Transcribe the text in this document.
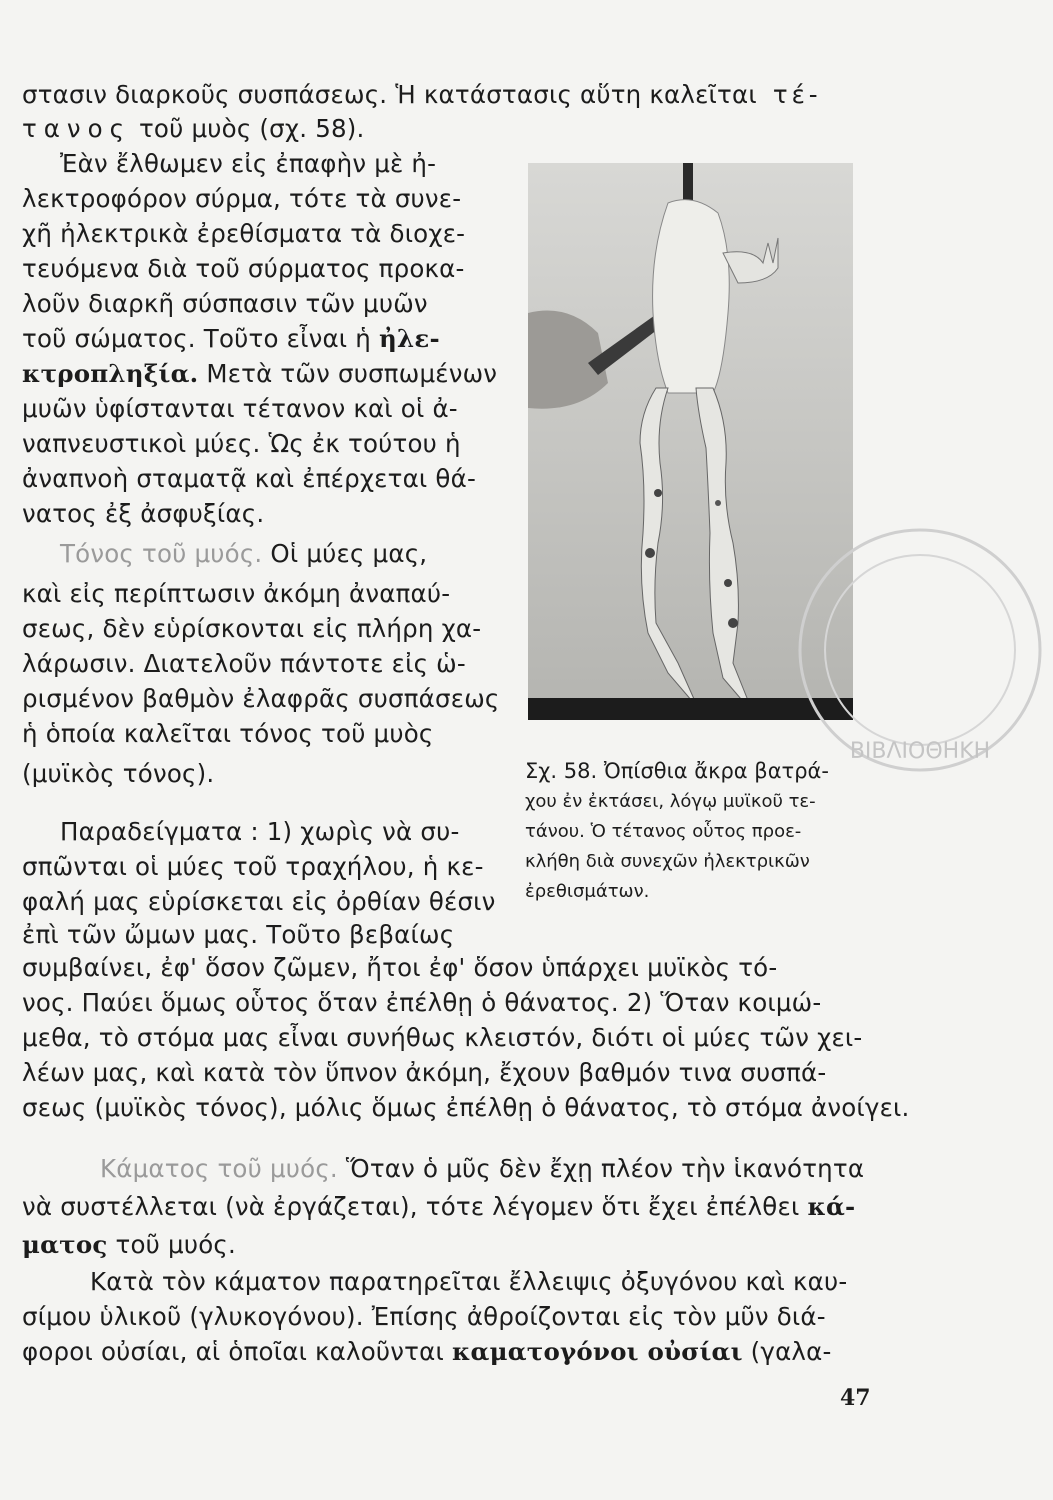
στασιν διαρκοῦς συσπάσεως. Ἡ κατάστασις αὕτη καλεῖται τέ-
τανος τοῦ μυὸς (σχ. 58).
Ἐὰν ἔλθωμεν εἰς ἐπαφὴν μὲ ἠ-
λεκτροφόρον σύρμα, τότε τὰ συνε-
χῆ ἠλεκτρικὰ ἐρεθίσματα τὰ διοχε-
τευόμενα διὰ τοῦ σύρματος προκα-
λοῦν διαρκῆ σύσπασιν τῶν μυῶν
τοῦ σώματος. Τοῦτο εἶναι ἡ ἠλε-
κτροπληξία. Μετὰ τῶν συσπωμένων
μυῶν ὑφίστανται τέτανον καὶ οἱ ἀ-
ναπνευστικοὶ μύες. Ὡς ἐκ τούτου ἡ
ἀναπνοὴ σταματᾷ καὶ ἐπέρχεται θά-
νατος ἐξ ἀσφυξίας.
Τόνος τοῦ μυός. Οἱ μύες μας,
καὶ εἰς περίπτωσιν ἀκόμη ἀναπαύ-
σεως, δὲν εὑρίσκονται εἰς πλήρη χα-
λάρωσιν. Διατελοῦν πάντοτε εἰς ὡ-
ρισμένον βαθμὸν ἐλαφρᾶς συσπάσεως
ἡ ὁποία καλεῖται τόνος τοῦ μυὸς
(μυϊκὸς τόνος).
Παραδείγματα : 1) χωρὶς νὰ συ-
σπῶνται οἱ μύες τοῦ τραχήλου, ἡ κε-
φαλή μας εὑρίσκεται εἰς ὀρθίαν θέσιν
ἐπὶ τῶν ὤμων μας. Τοῦτο βεβαίως
συμβαίνει, ἐφ' ὅσον ζῶμεν, ἤτοι ἐφ' ὅσον ὑπάρχει μυϊκὸς τό-
νος. Παύει ὅμως οὗτος ὅταν ἐπέλθῃ ὁ θάνατος. 2) Ὅταν κοιμώ-
μεθα, τὸ στόμα μας εἶναι συνήθως κλειστόν, διότι οἱ μύες τῶν χει-
λέων μας, καὶ κατὰ τὸν ὕπνον ἀκόμη, ἔχουν βαθμόν τινα συσπά-
σεως (μυϊκὸς τόνος), μόλις ὅμως ἐπέλθῃ ὁ θάνατος, τὸ στόμα ἀνοίγει.
Κάματος τοῦ μυός. Ὅταν ὁ μῦς δὲν ἔχῃ πλέον τὴν ἱκανότητα
νὰ συστέλλεται (νὰ ἐργάζεται), τότε λέγομεν ὅτι ἔχει ἐπέλθει κά-
ματος τοῦ μυός.
Κατὰ τὸν κάματον παρατηρεῖται ἔλλειψις ὀξυγόνου καὶ καυ-
σίμου ὑλικοῦ (γλυκογόνου). Ἐπίσης ἀθροίζονται εἰς τὸν μῦν διά-
φοροι οὐσίαι, αἱ ὁποῖαι καλοῦνται καματογόνοι οὐσίαι (γαλα-
ΒΙΒΛΙΟΘΗΚΗ
Σχ. 58. Ὀπίσθια ἄκρα βατρά-
χου ἐν ἐκτάσει, λόγῳ μυϊκοῦ τε-
τάνου. Ὁ τέτανος οὗτος προε-
κλήθη διὰ συνεχῶν ἠλεκτρικῶν
ἐρεθισμάτων.
47
